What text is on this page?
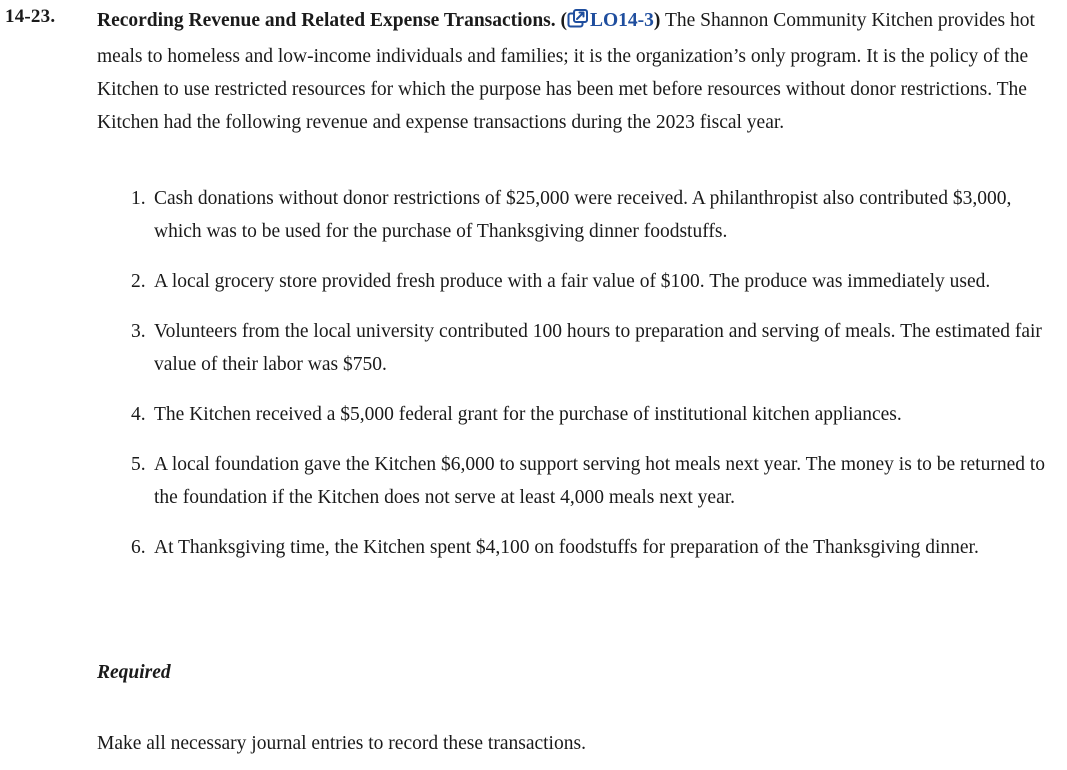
14-23. Recording Revenue and Related Expense Transactions. ( LO14-3) The Shannon Community Kitchen provides hot meals to homeless and low-income individuals and families; it is the organization’s only program. It is the policy of the Kitchen to use restricted resources for which the purpose has been met before resources without donor restrictions. The Kitchen had the following revenue and expense transactions during the 2023 fiscal year.
1. Cash donations without donor restrictions of $25,000 were received. A philanthropist also contributed $3,000, which was to be used for the purchase of Thanksgiving dinner foodstuffs.
2. A local grocery store provided fresh produce with a fair value of $100. The produce was immediately used.
3. Volunteers from the local university contributed 100 hours to preparation and serving of meals. The estimated fair value of their labor was $750.
4. The Kitchen received a $5,000 federal grant for the purchase of institutional kitchen appliances.
5. A local foundation gave the Kitchen $6,000 to support serving hot meals next year. The money is to be returned to the foundation if the Kitchen does not serve at least 4,000 meals next year.
6. At Thanksgiving time, the Kitchen spent $4,100 on foodstuffs for preparation of the Thanksgiving dinner.
Required
Make all necessary journal entries to record these transactions.
